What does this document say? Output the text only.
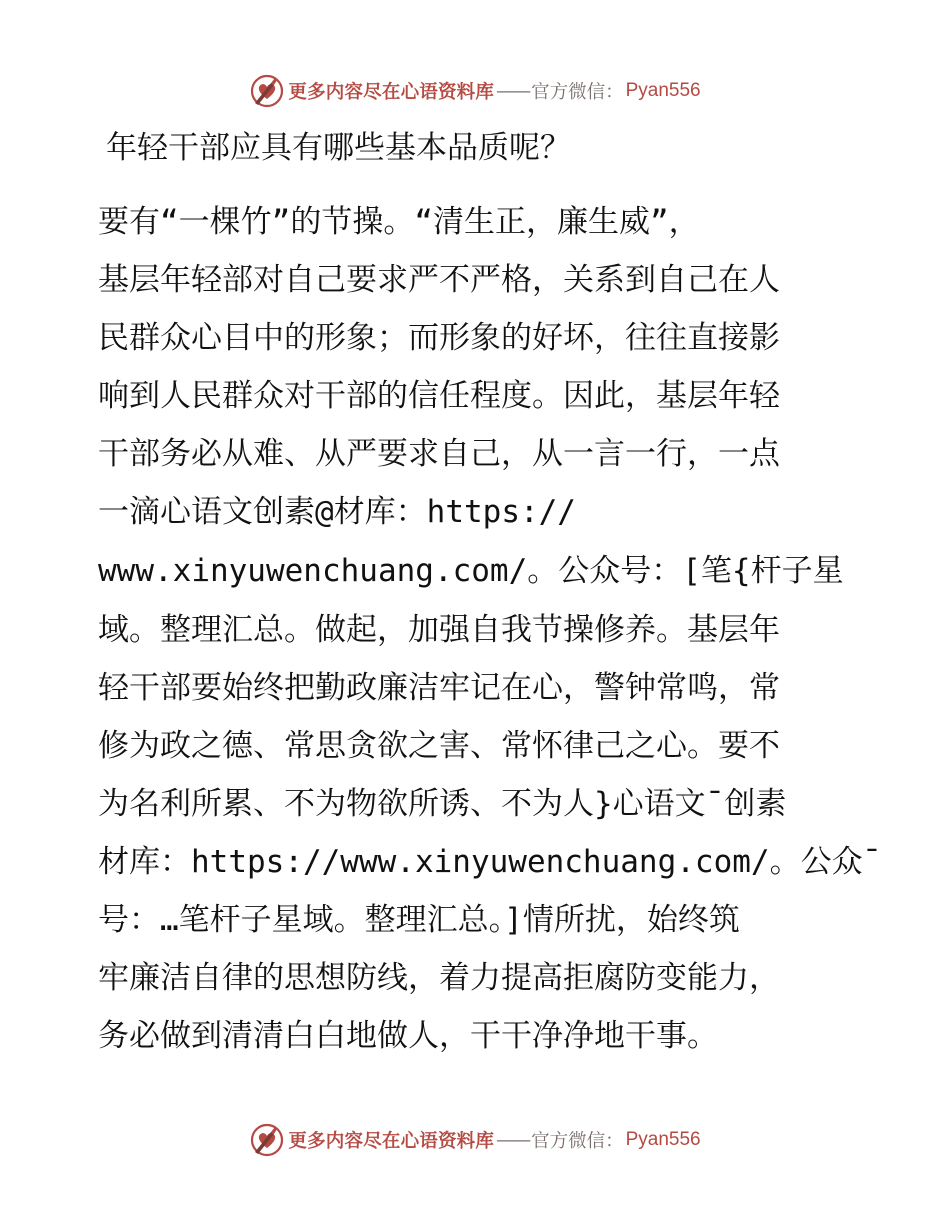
更多内容尽在心语资料库 —— 官方微信 ： Pyan556
年轻干部应具有哪些基本品质呢？
要有“一棵竹”的节操。“清生正，廉生威”，
基层年轻部对自己要求严不严格，关系到自己在人
民群众心目中的形象；而形象的好坏，往往直接影
响到人民群众对干部的信任程度。因此，基层年轻
干部务必从难、从严要求自己，从一言一行，一点
一滴心语文创素@材库：https://
www.xinyuwenchuang.com/。公众号：[笔{杆子星
域。整理汇总。做起，加强自我节操修养。基层年
轻干部要始终把勤政廉洁牢记在心，警钟常鸣，常
修为政之德、常思贪欲之害、常怀律己之心。要不
为名利所累、不为物欲所诱、不为人}心语文¯创素
材库：https://www.xinyuwenchuang.com/。公众¯
号：…笔杆子星域。整理汇总。]情所扰，始终筑
牢廉洁自律的思想防线，着力提高拒腐防变能力，
务必做到清清白白地做人，干干净净地干事。
更多内容尽在心语资料库 —— 官方微信 ： Pyan556
